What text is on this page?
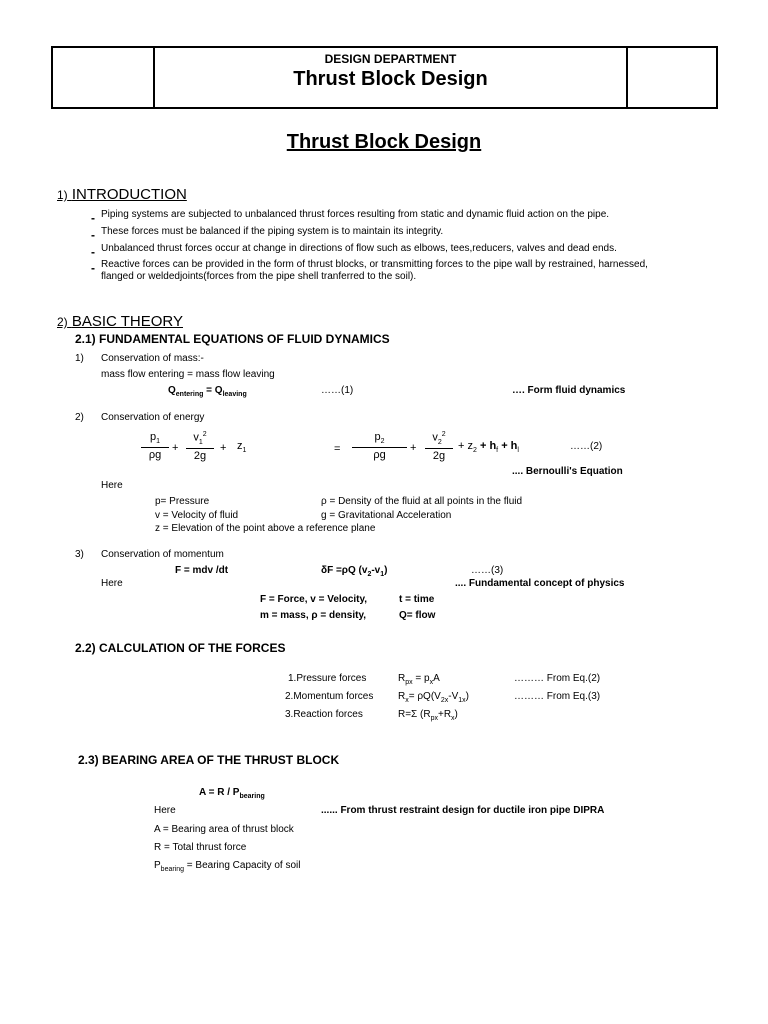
DESIGN DEPARTMENT
Thrust Block Design
Thrust Block Design
1) INTRODUCTION
- Piping systems are subjected to unbalanced thrust forces resulting from static and dynamic fluid action on the pipe.
- These forces must be balanced if the piping system is to maintain its integrity.
- Unbalanced thrust forces occur at change in directions of flow such as elbows, tees,reducers, valves and dead ends.
- Reactive forces can be provided in the form of thrust blocks, or transmitting forces to the pipe wall by restrained, harnessed,
flanged or weldedjoints(forces from the pipe shell tranferred to the soil).
2) BASIC THEORY
2.1) FUNDAMENTAL EQUATIONS OF FLUID DYNAMICS
1) Conservation of mass:-
mass flow entering = mass flow leaving
$Q_{entering} = Q_{leaving}$	……(1)	…. Form fluid dynamics
2) Conservation of energy
$p_1$
ρg
+
$v_1^2$
2g
+ $z_1$	=
$p_2$
ρg
+
$v_2^2$
2g
+ $z_2 + h_f + h_l$	……(2)
.... Bernoulli's Equation
Here
p= Pressure	ρ = Density of the fluid at all points in the fluid
v = Velocity of fluid	g = Gravitational Acceleration
z = Elevation of the point above a reference plane
3) Conservation of momentum
F = mdv /dt	δF =ρQ $(v_2-v_1)$	……(3)
Here	.... Fundamental concept of physics
F = Force, v = Velocity,	t = time
m = mass, ρ = density,	Q= flow
2.2) CALCULATION OF THE FORCES
1.Pressure forces	$R_{px} = p_xA$	……… From Eq.(2)
2.Momentum forces $R_x= \rho Q(V_{2x}-V_{1x})$	……… From Eq.(3)
3.Reaction forces	R=Σ $(R_{px}+R_x)$
2.3) BEARING AREA OF THE THRUST BLOCK
$A = R / P_{bearing}$
Here	...... From thrust restraint design for ductile iron pipe DIPRA
A = Bearing area of thrust block
R = Total thrust force
$P_{bearing}$ = Bearing Capacity of soil
